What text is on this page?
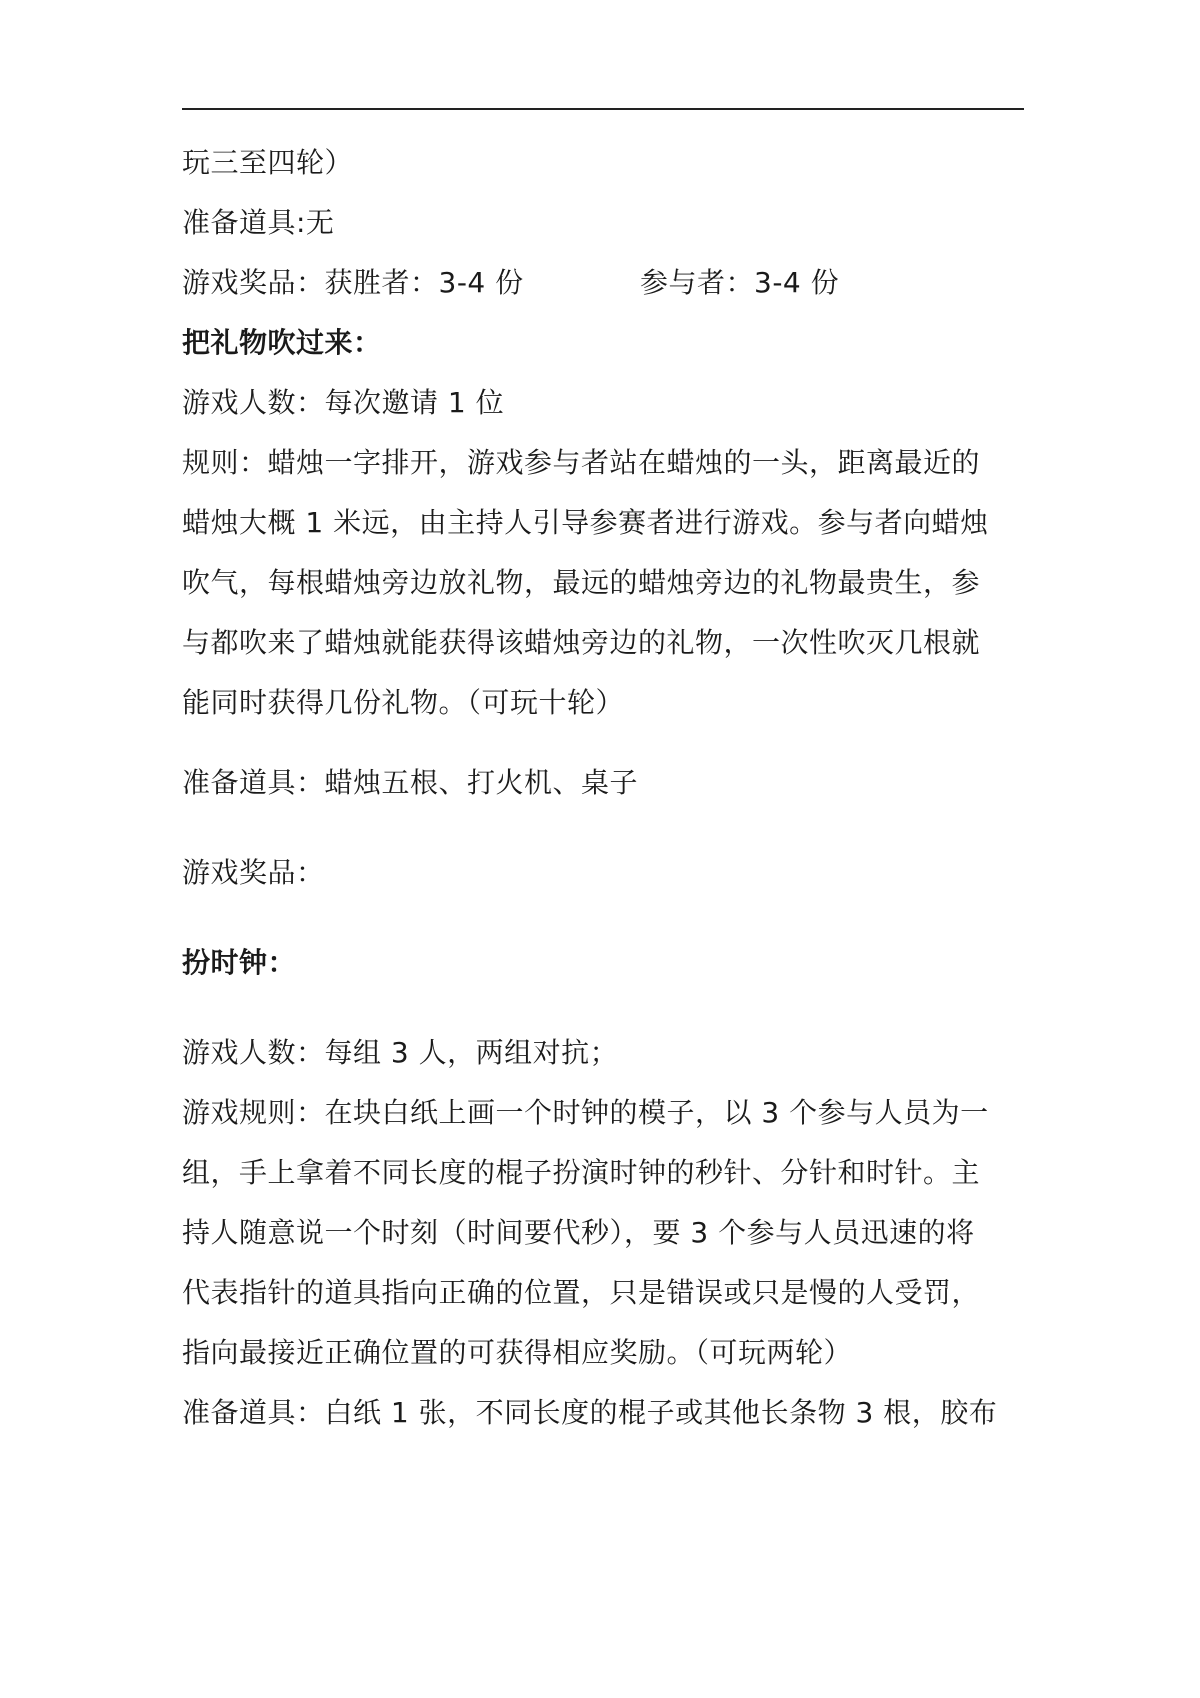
玩三至四轮）
准备道具:无
游戏奖品：获胜者：3-4 份	参与者：3-4 份
把礼物吹过来：
游戏人数：每次邀请 1 位
规则：蜡烛一字排开，游戏参与者站在蜡烛的一头，距离最近的
蜡烛大概 1 米远，由主持人引导参赛者进行游戏。参与者向蜡烛
吹气，每根蜡烛旁边放礼物，最远的蜡烛旁边的礼物最贵生，参
与都吹来了蜡烛就能获得该蜡烛旁边的礼物，一次性吹灭几根就
能同时获得几份礼物。（可玩十轮）
准备道具：蜡烛五根、打火机、桌子
游戏奖品：
扮时钟：
游戏人数：每组 3 人，两组对抗；
游戏规则：在块白纸上画一个时钟的模子，以 3 个参与人员为一
组，手上拿着不同长度的棍子扮演时钟的秒针、分针和时针。主
持人随意说一个时刻（时间要代秒），要 3 个参与人员迅速的将
代表指针的道具指向正确的位置，只是错误或只是慢的人受罚，
指向最接近正确位置的可获得相应奖励。（可玩两轮）
准备道具：白纸 1 张，不同长度的棍子或其他长条物 3 根，胶布
